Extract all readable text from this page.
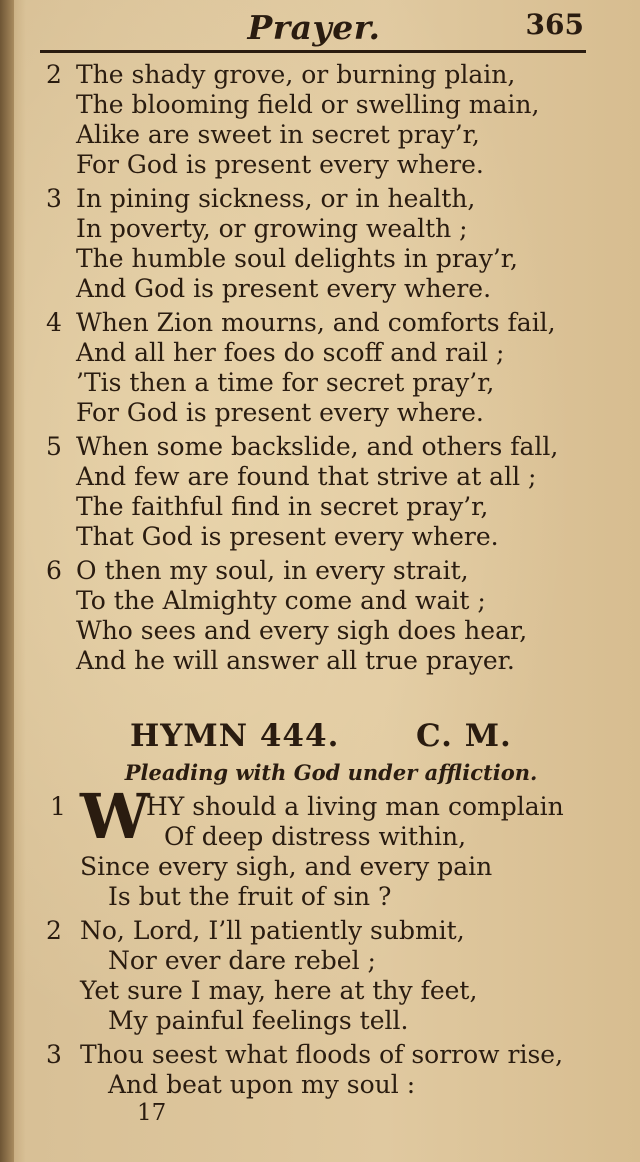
Prayer.	365
2 The shady grove, or burning plain,
The blooming field or swelling main,
Alike are sweet in secret pray’r,
For God is present every where.
3 In pining sickness, or in health,
In poverty, or growing wealth ;
The humble soul delights in pray’r,
And God is present every where.
4 When Zion mourns, and comforts fail,
And all her foes do scoff and rail ;
’Tis then a time for secret pray’r,
For God is present every where.
5 When some backslide, and others fall,
And few are found that strive at all ;
The faithful find in secret pray’r,
That God is present every where.
6 O then my soul, in every strait,
To the Almighty come and wait ;
Who sees and every sigh does hear,
And he will answer all true prayer.
HYMN 444. C. M.
Pleading with God under affliction.
W
1	HY should a living man complain
Of deep distress within,
Since every sigh, and every pain
Is but the fruit of sin ?
2 No, Lord, I’ll patiently submit,
Nor ever dare rebel ;
Yet sure I may, here at thy feet,
My painful feelings tell.
3 Thou seest what floods of sorrow rise,
And beat upon my soul :
17
